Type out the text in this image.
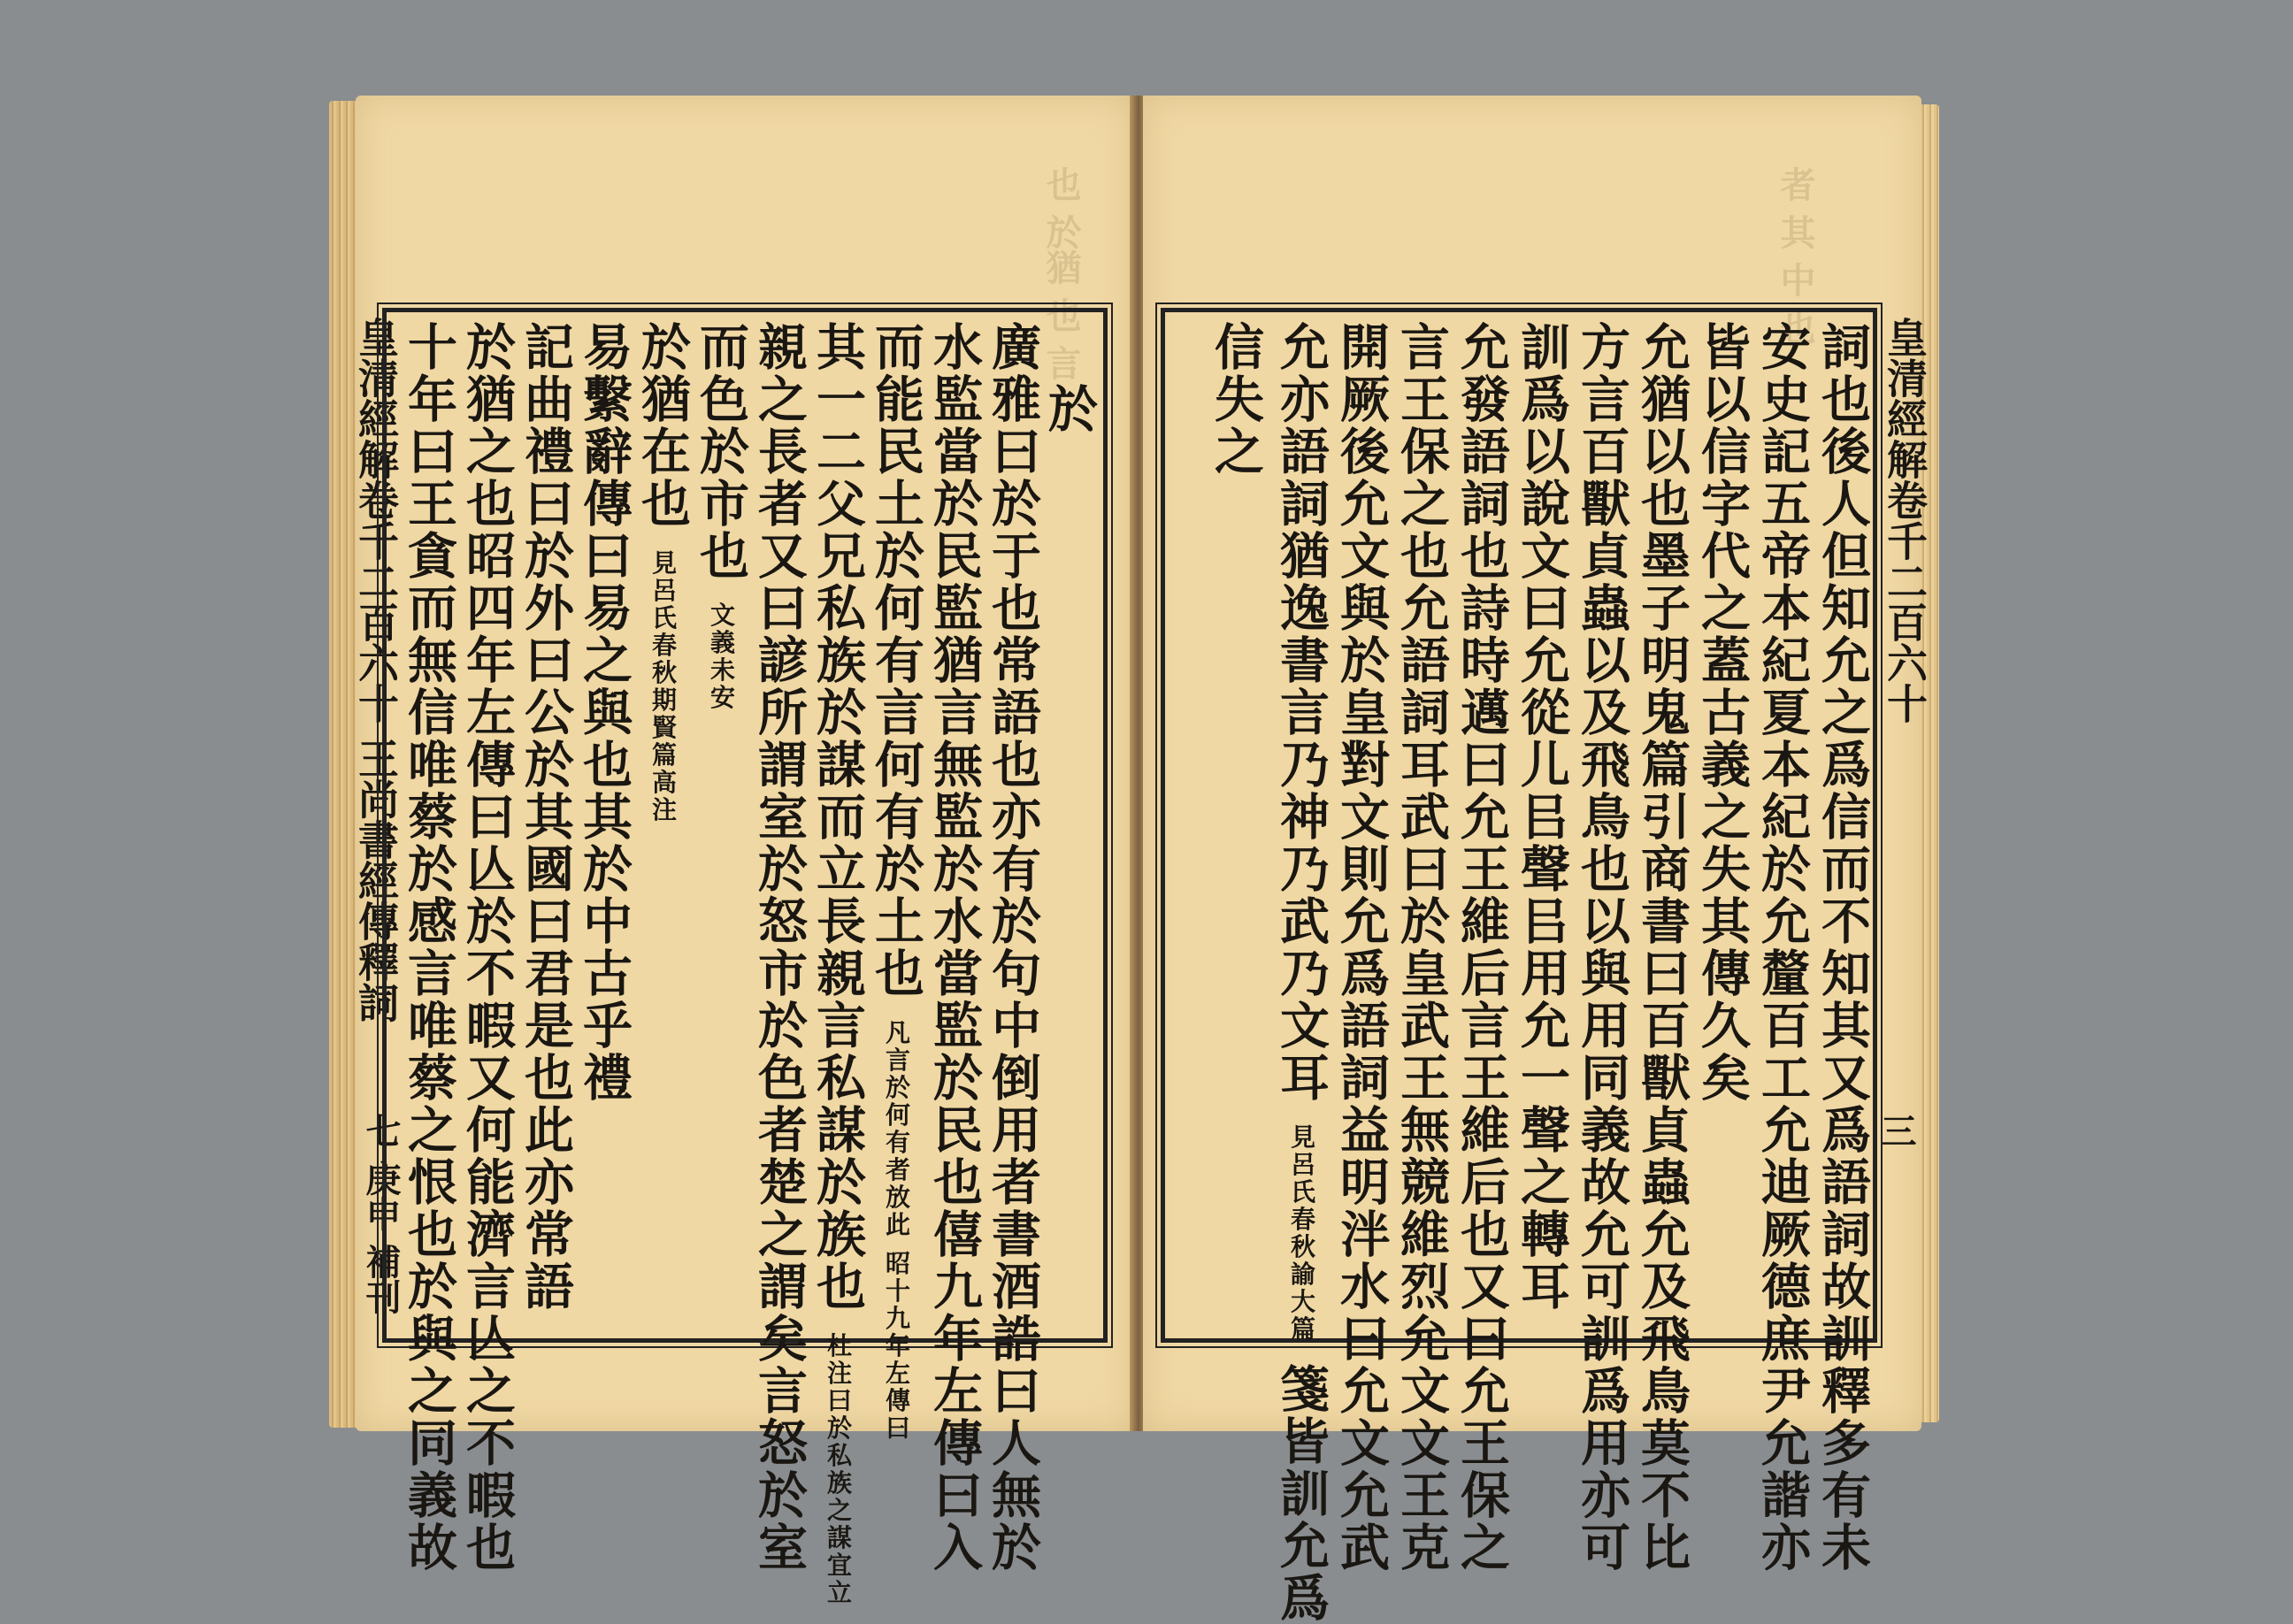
也 於猶 也 言
皇清經解卷千二百六十 王尚書經傳釋詞
七 庚申 補刊
於
廣雅曰於于也常語也亦有於句中倒用者書酒誥曰人無於
水監當於民監猶言無監於水當監於民也僖九年左傳曰入
而能民土於何有言何有於土也 凡言於何有者放此 昭十九年左傳曰
其一二父兄私族於謀而立長親言私謀於族也 杜注曰於私族之謀宜立
親之長者又曰諺所謂室於怒市於色者楚之謂矣言怒於室
而色於市也 文義未安
於猶在也 見呂氏春秋期賢篇高注
易繫辭傳曰易之與也其於中古乎禮
記曲禮曰於外曰公於其國曰君是也此亦常語
於猶之也昭四年左傳曰亾於不暇又何能濟言亾之不暇也
十年曰王貪而無信唯蔡於感言唯蔡之恨也於與之同義故
者 其 中 也
皇清經解卷千二百六十
三
詞也後人但知允之爲信而不知其又爲語詞故訓釋多有未
安史記五帝本紀夏本紀於允釐百工允迪厥德庶尹允諧亦
皆以信字代之蓋古義之失其傳久矣
允猶以也墨子明鬼篇引商書曰百獸貞蟲允及飛鳥莫不比
方言百獸貞蟲以及飛鳥也以與用同義故允可訓爲用亦可
訓爲以說文曰允從儿㠯聲㠯用允一聲之轉耳
允發語詞也詩時邁曰允王維后言王維后也又曰允王保之
言王保之也允語詞耳武曰於皇武王無競維烈允文文王克
開厥後允文與於皇對文則允爲語詞益明泮水曰允文允武
允亦語詞猶逸書言乃神乃武乃文耳 見呂氏春秋諭大篇 箋皆訓允爲
信失之
